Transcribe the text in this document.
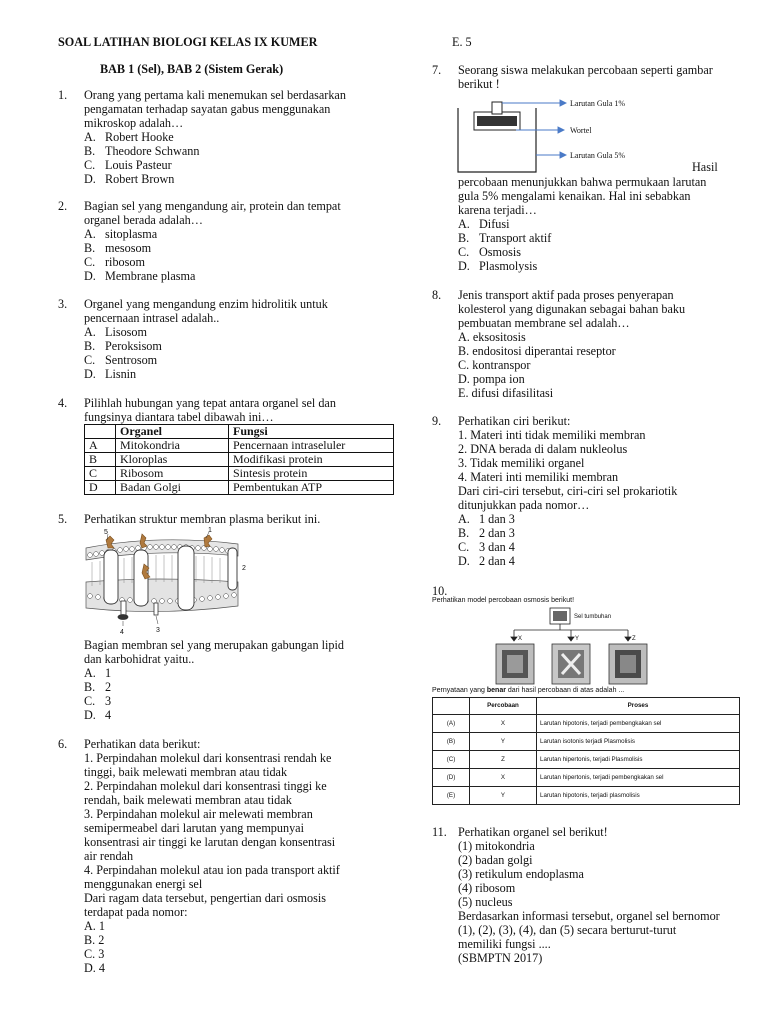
SOAL LATIHAN BIOLOGI KELAS IX KUMER
BAB 1 (Sel), BAB 2 (Sistem Gerak)
1.	Orang yang pertama kali menemukan sel berdasarkan
pengamatan terhadap sayatan gabus menggunakan
mikroskop adalah…
A. Robert Hooke
B. Theodore Schwann
C. Louis Pasteur
D. Robert Brown
2.	Bagian sel yang mengandung air, protein dan tempat
organel berada adalah…
A. sitoplasma
B. mesosom
C. ribosom
D. Membrane plasma
3.	Organel yang mengandung enzim hidrolitik untuk
pencernaan intrasel adalah..
A. Lisosom
B. Peroksisom
C. Sentrosom
D. Lisnin
4.	Pilihlah hubungan yang tepat antara organel sel dan
fungsinya diantara tabel dibawah ini…
	Organel	Fungsi
A	Mitokondria	Pencernaan intraseluler
B	Kloroplas	Modifikasi protein
C	Ribosom	Sintesis protein
D	Badan Golgi	Pembentukan ATP
5.	Perhatikan struktur membran plasma berikut ini.
5	1
2
4	3
Bagian membran sel yang merupakan gabungan lipid
dan karbohidrat yaitu..
A. 1
B. 2
C. 3
D. 4
6.	Perhatikan data berikut:
1. Perpindahan molekul dari konsentrasi rendah ke
tinggi, baik melewati membran atau tidak
2. Perpindahan molekul dari konsentrasi tinggi ke
rendah, baik melewati membran atau tidak
3. Perpindahan molekul air melewati membran
semipermeabel dari larutan yang mempunyai
konsentrasi air tinggi ke larutan dengan konsentrasi
air rendah
4. Perpindahan molekul atau ion pada transport aktif
menggunakan energi sel
Dari ragam data tersebut, pengertian dari osmosis
terdapat pada nomor:
A. 1
B. 2
C. 3
D. 4
E. 5
7.	Seorang siswa melakukan percobaan seperti gambar
berikut !
Larutan Gula 1%
Wortel
Larutan Gula 5%
Hasil
percobaan menunjukkan bahwa permukaan larutan
gula 5% mengalami kenaikan. Hal ini sebabkan
karena terjadi…
A. Difusi
B. Transport aktif
C. Osmosis
D. Plasmolysis
8.	Jenis transport aktif pada proses penyerapan
kolesterol yang digunakan sebagai bahan baku
pembuatan membrane sel adalah…
A. eksositosis
B. endositosi diperantai reseptor
C. kontranspor
D. pompa ion
E. difusi difasilitasi
9.	Perhatikan ciri berikut:
1. Materi inti tidak memiliki membran
2. DNA berada di dalam nukleolus
3. Tidak memiliki organel
4. Materi inti memiliki membran
Dari ciri-ciri tersebut, ciri-ciri sel prokariotik
ditunjukkan pada nomor…
A. 1 dan 3
B. 2 dan 3
C. 3 dan 4
D. 2 dan 4
10.
Perhatikan model percobaan osmosis berikut!
Sel tumbuhan
X	Y	Z
Pernyataan yang benar dari hasil percobaan di atas adalah ...
	Percobaan	Proses
(A)	X	Larutan hipotonis, terjadi pembengkakan sel
(B)	Y	Larutan isotonis terjadi Plasmolisis
(C)	Z	Larutan hipertonis, terjadi Plasmolisis
(D)	X	Larutan hipertonis, terjadi pembengkakan sel
(E)	Y	Larutan hipotonis, terjadi plasmolisis
11. Perhatikan organel sel berikut!
(1) mitokondria
(2) badan golgi
(3) retikulum endoplasma
(4) ribosom
(5) nucleus
Berdasarkan informasi tersebut, organel sel bernomor
(1), (2), (3), (4), dan (5) secara berturut-turut
memiliki fungsi ....
(SBMPTN 2017)
